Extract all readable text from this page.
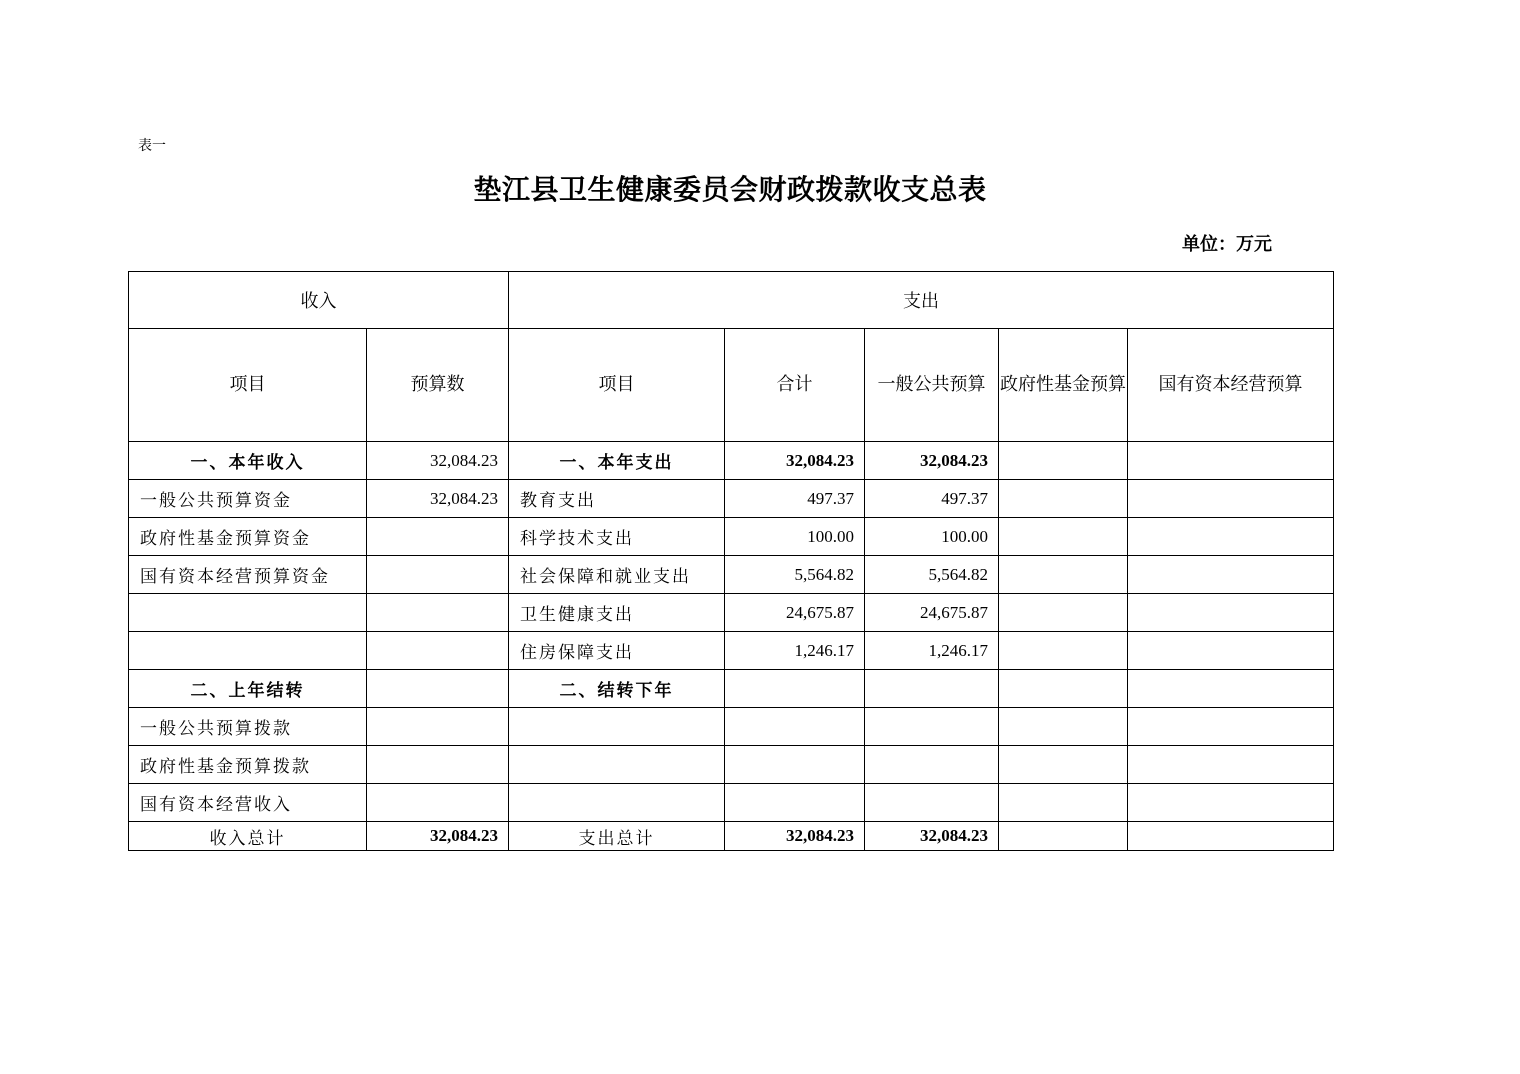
表一
垫江县卫生健康委员会财政拨款收支总表
单位：万元
收入		支出				
项目	预算数	项目	合计	一般公共预算	政府性基金预算	国有资本经营预算
一、本年收入	32,084.23	一、本年支出	32,084.23	32,084.23		
一般公共预算资金	32,084.23	教育支出	497.37	497.37		
政府性基金预算资金		科学技术支出	100.00	100.00		
国有资本经营预算资金		社会保障和就业支出	5,564.82	5,564.82		
		卫生健康支出	24,675.87	24,675.87		
		住房保障支出	1,246.17	1,246.17		
二、上年结转		二、结转下年				
一般公共预算拨款						
政府性基金预算拨款						
国有资本经营收入						
收入总计	32,084.23	支出总计	32,084.23	32,084.23		
